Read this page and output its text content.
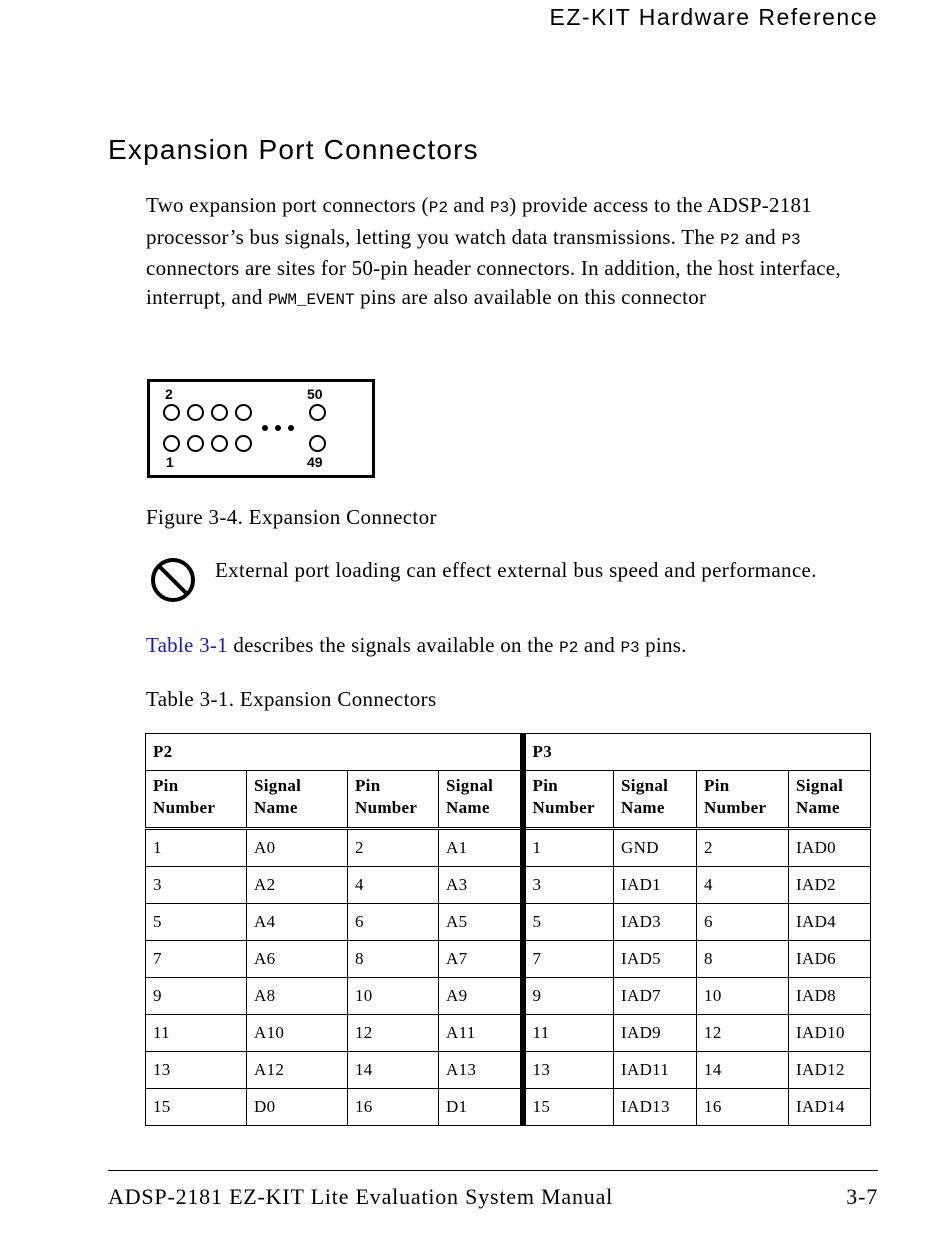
EZ-KIT Hardware Reference
Expansion Port Connectors

Two expansion port connectors (P2 and P3) provide access to the ADSP-2181 processor’s bus signals, letting you watch data transmissions. The P2 and P3 connectors are sites for 50-pin header connectors. In addition, the host interface, interrupt, and PWM_EVENT pins are also available on this connector

2	50
1	49

Figure 3-4. Expansion Connector

External port loading can effect external bus speed and performance.

Table 3-1 describes the signals available on the P2 and P3 pins.

Table 3-1. Expansion Connectors

P2				P3			
Pin Number	Signal Name	Pin Number	Signal Name	Pin Number	Signal Name	Pin Number	Signal Name
1	A0	2	A1	1	GND	2	IAD0
3	A2	4	A3	3	IAD1	4	IAD2
5	A4	6	A5	5	IAD3	6	IAD4
7	A6	8	A7	7	IAD5	8	IAD6
9	A8	10	A9	9	IAD7	10	IAD8
11	A10	12	A11	11	IAD9	12	IAD10
13	A12	14	A13	13	IAD11	14	IAD12
15	D0	16	D1	15	IAD13	16	IAD14
ADSP-2181 EZ-KIT Lite Evaluation System Manual	3-7
